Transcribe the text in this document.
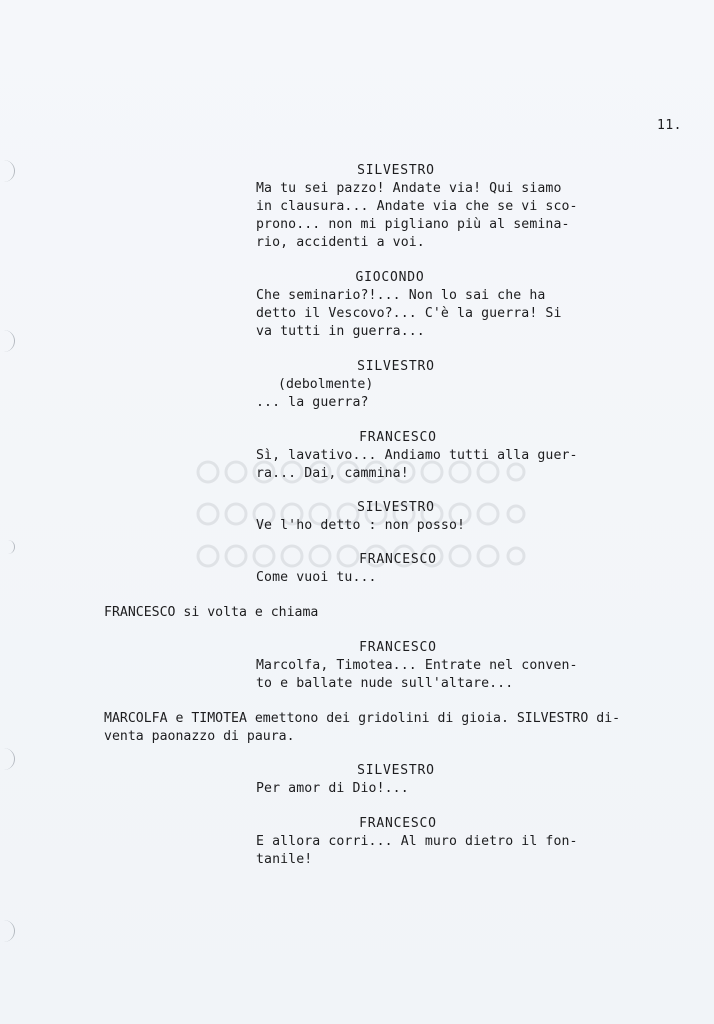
11.
SILVESTRO
Ma tu sei pazzo! Andate via! Qui siamo
in clausura... Andate via che se vi sco-
prono... non mi pigliano più al semina-
rio, accidenti a voi.
GIOCONDO
Che seminario?!... Non lo sai che ha
detto il Vescovo?... C'è la guerra! Si
va tutti in guerra...
SILVESTRO
(debolmente)
... la guerra?
FRANCESCO
Sì, lavativo... Andiamo tutti alla guer-
ra... Dai, cammina!
SILVESTRO
Ve l'ho detto : non posso!
FRANCESCO
Come vuoi tu...
FRANCESCO si volta e chiama
FRANCESCO
Marcolfa, Timotea... Entrate nel conven-
to e ballate nude sull'altare...
MARCOLFA e TIMOTEA emettono dei gridolini di gioia. SILVESTRO di-
venta paonazzo di paura.
SILVESTRO
Per amor di Dio!...
FRANCESCO
E allora corri... Al muro dietro il fon-
tanile!
